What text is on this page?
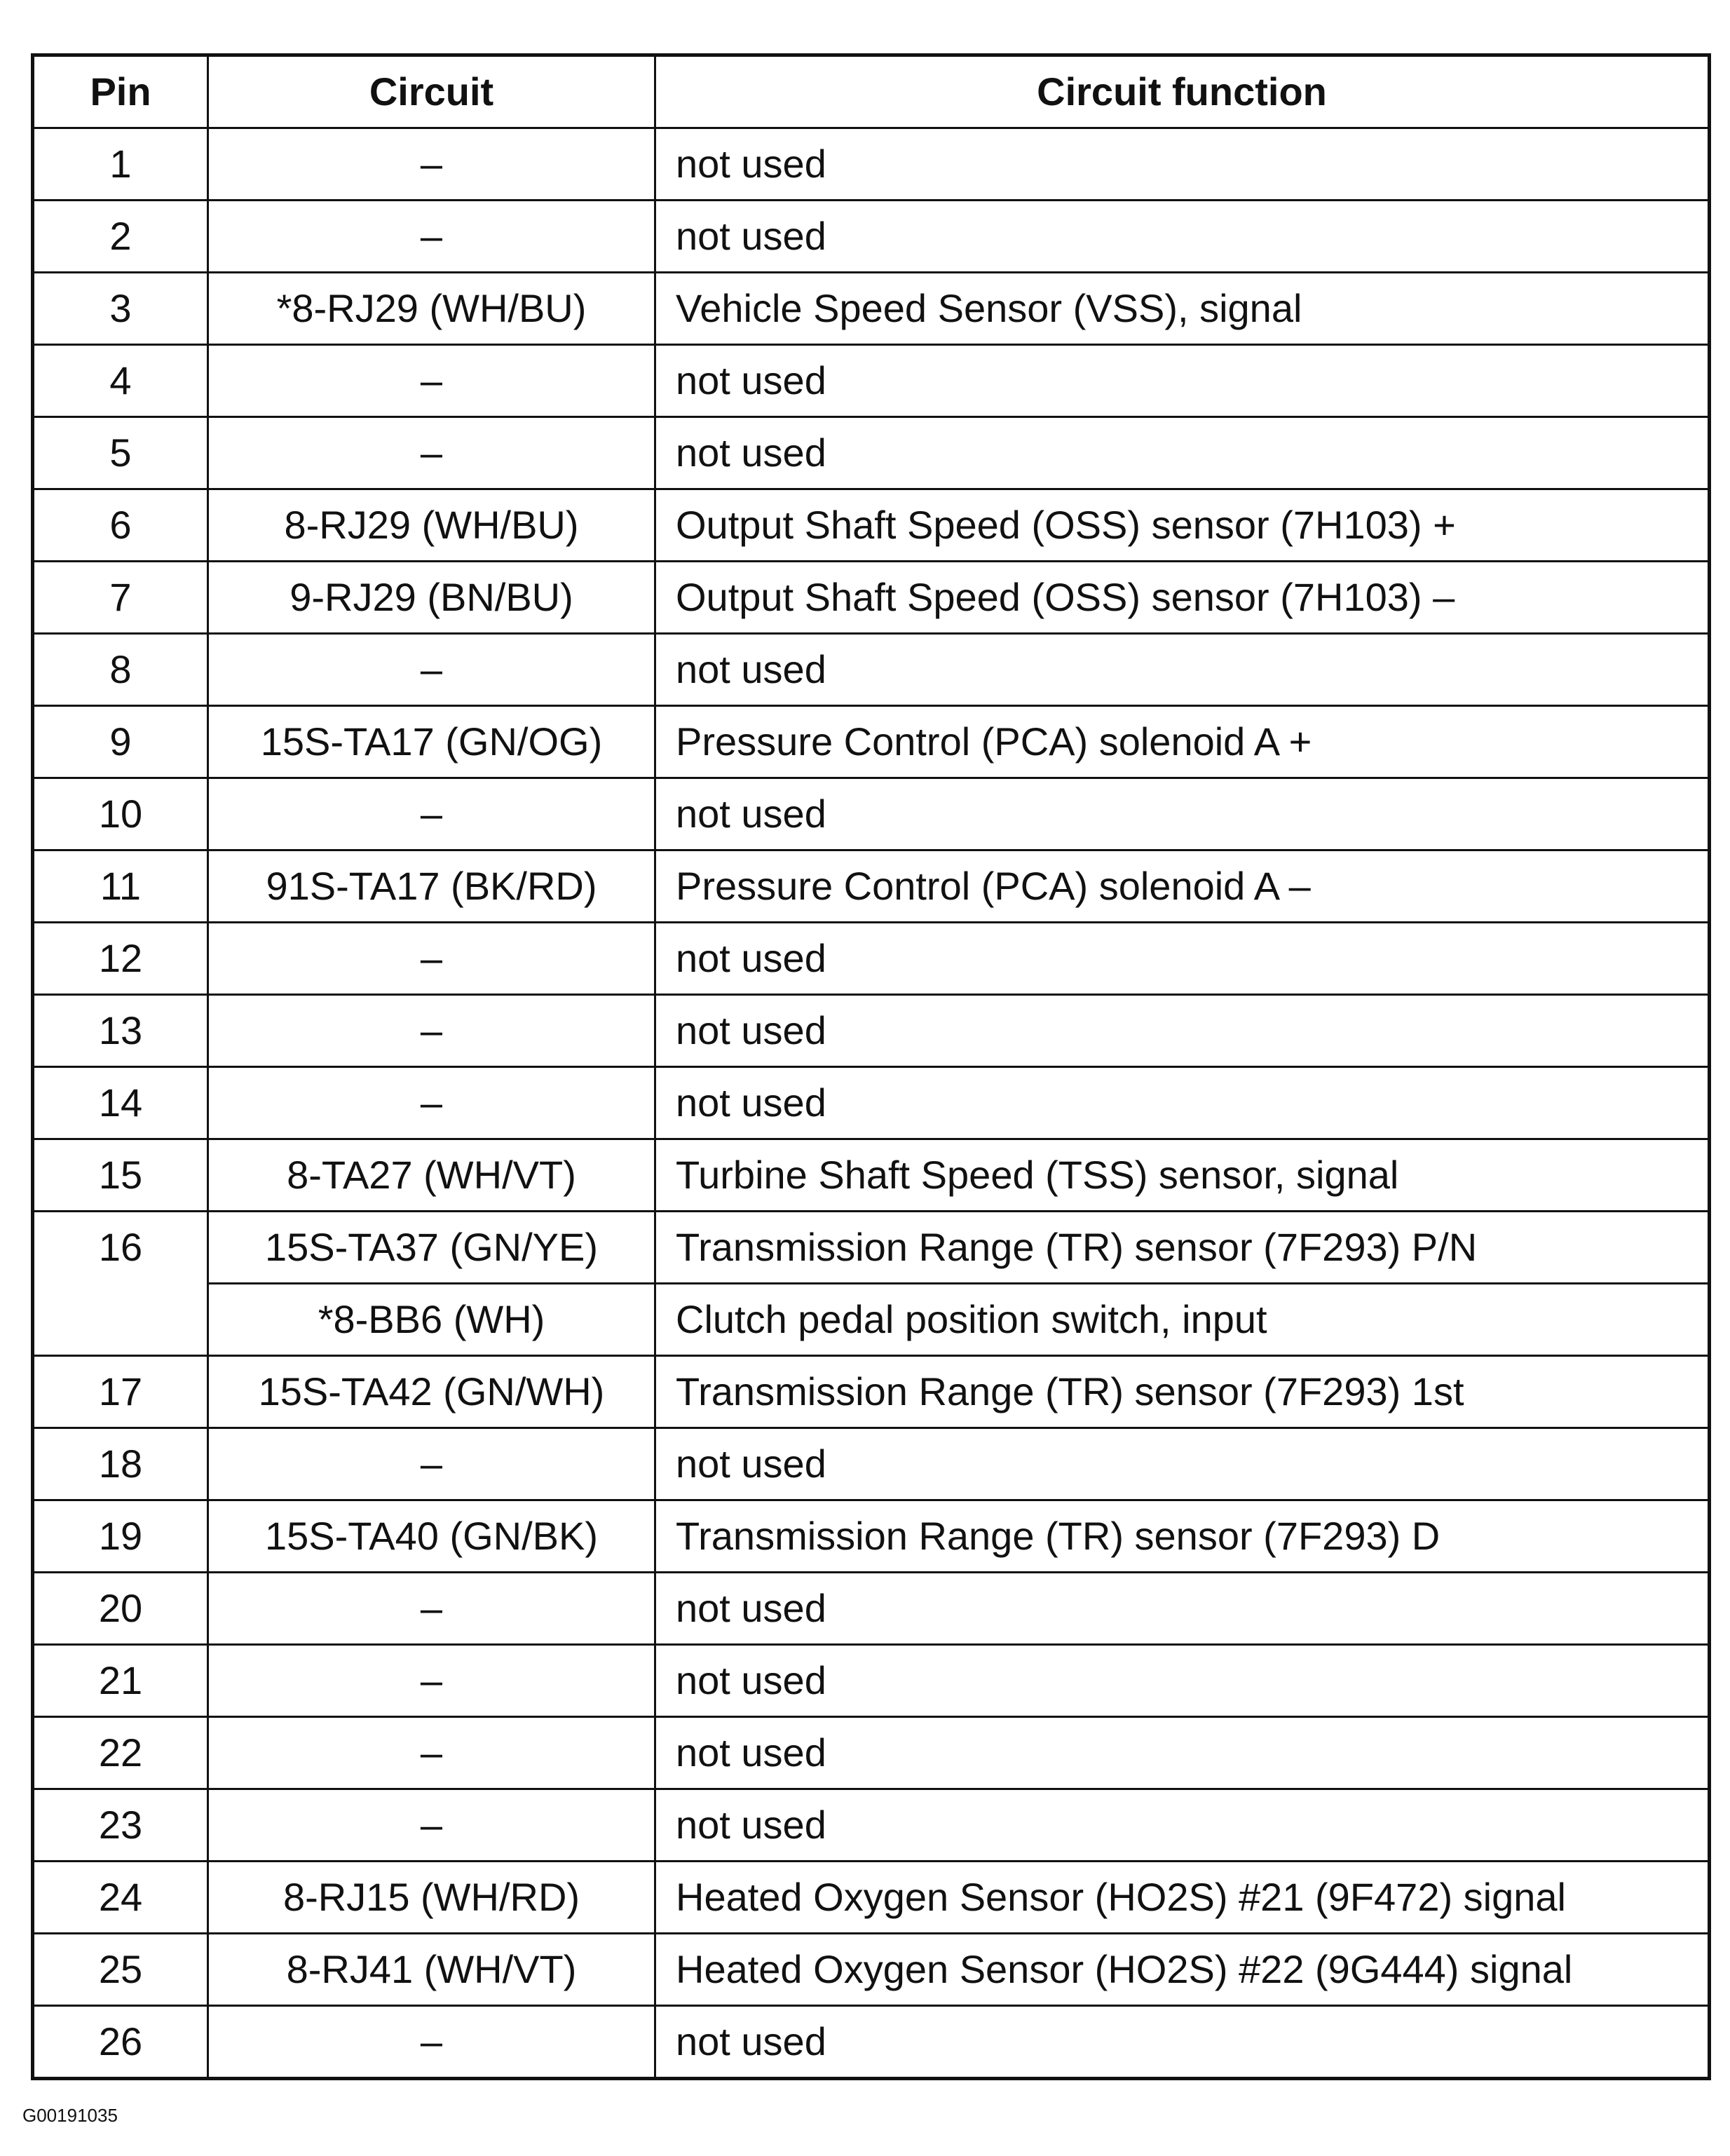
Pin	Circuit	Circuit function
1	–	not used
2	–	not used
3	*8-RJ29 (WH/BU)	Vehicle Speed Sensor (VSS), signal
4	–	not used
5	–	not used
6	8-RJ29 (WH/BU)	Output Shaft Speed (OSS) sensor (7H103) +
7	9-RJ29 (BN/BU)	Output Shaft Speed (OSS) sensor (7H103) –
8	–	not used
9	15S-TA17 (GN/OG)	Pressure Control (PCA) solenoid A +
10	–	not used
11	91S-TA17 (BK/RD)	Pressure Control (PCA) solenoid A –
12	–	not used
13	–	not used
14	–	not used
15	8-TA27 (WH/VT)	Turbine Shaft Speed (TSS) sensor, signal
16	15S-TA37 (GN/YE)	Transmission Range (TR) sensor (7F293) P/N
	*8-BB6 (WH)	Clutch pedal position switch, input
17	15S-TA42 (GN/WH)	Transmission Range (TR) sensor (7F293) 1st
18	–	not used
19	15S-TA40 (GN/BK)	Transmission Range (TR) sensor (7F293) D
20	–	not used
21	–	not used
22	–	not used
23	–	not used
24	8-RJ15 (WH/RD)	Heated Oxygen Sensor (HO2S) #21 (9F472) signal
25	8-RJ41 (WH/VT)	Heated Oxygen Sensor (HO2S) #22 (9G444) signal
26	–	not used
G00191035
